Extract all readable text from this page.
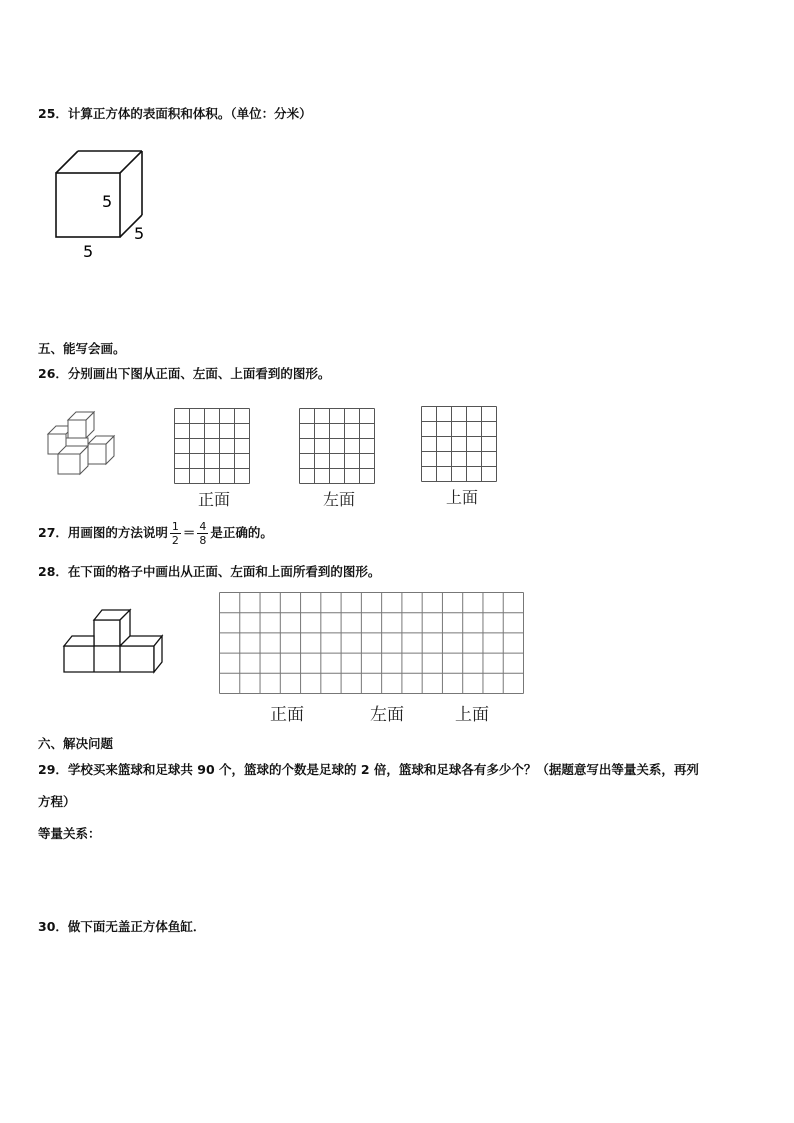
25．计算正方体的表面积和体积。（单位：分米）
5
5
5
五、能写会画。
26．分别画出下图从正面、左面、上面看到的图形。
正面	左面	上面
27．用画图的方法说明 $\frac{1}{2} = \frac{4}{8}$ 是正确的。
28．在下面的格子中画出从正面、左面和上面所看到的图形。
正面	左面	上面
六、解决问题
29．学校买来篮球和足球共 90 个，篮球的个数是足球的 2 倍，篮球和足球各有多少个？（据题意写出等量关系，再列
方程）
等量关系：
30．做下面无盖正方体鱼缸．
